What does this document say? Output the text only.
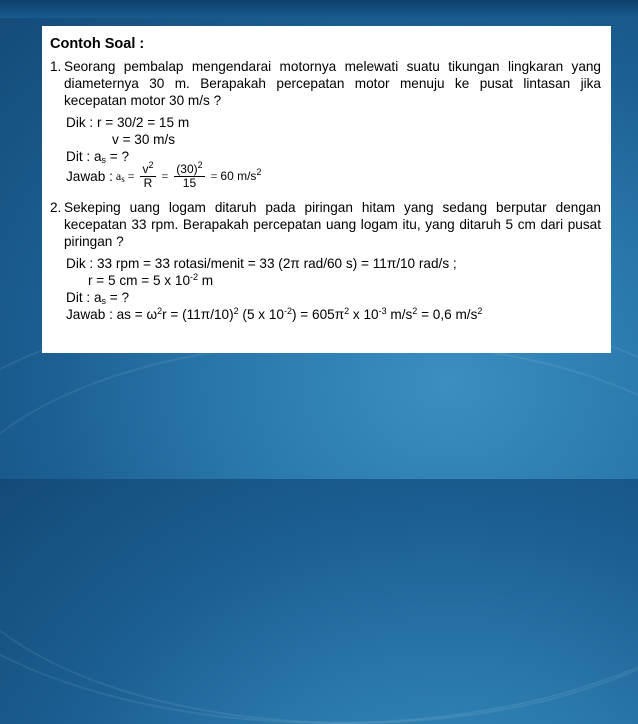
Contoh Soal :
1. Seorang pembalap mengendarai motornya melewati suatu tikungan lingkaran yang diameternya 30 m. Berapakah percepatan motor menuju ke pusat lintasan jika kecepatan motor 30 m/s ?
Dik : r = 30/2 = 15 m
v = 30 m/s
Dit : $a_s$ = ?
Jawab : $a_s = \frac{v^2}{R} = \frac{(30)^2}{15} = 60$ $m/s^2$
2. Sekeping uang logam ditaruh pada piringan hitam yang sedang berputar dengan kecepatan 33 rpm. Berapakah percepatan uang logam itu, yang ditaruh 5 cm dari pusat piringan ?
Dik : 33 rpm = 33 rotasi/menit = 33 (2π rad/60 s) = 11π/10 rad/s ;
r = 5 cm = 5 x $10^{-2}$ m
Dit : $a_s$ = ?
Jawab : as = $\omega^2r = (11\pi/10)^2$ (5 x $10^{-2}) = 605\pi^2$ x $10^{-3}$ $m/s^2 = 0,6$ $m/s^2$
